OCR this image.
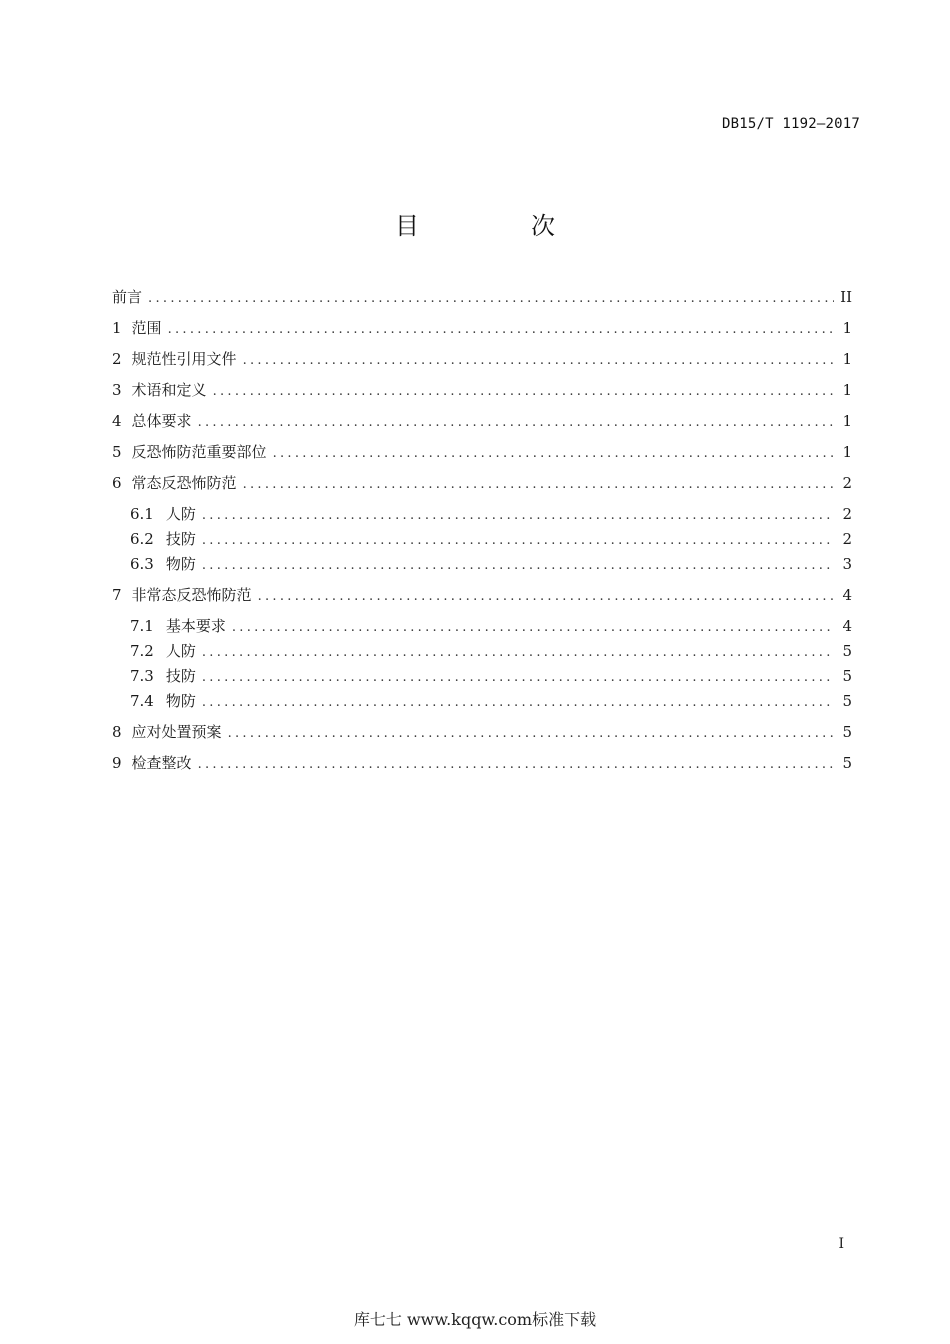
DB15/T 1192—2017
目　次
前言 .....	II
1 范围 .....	1
2 规范性引用文件 .....	1
3 术语和定义 .....	1
4 总体要求 .....	1
5 反恐怖防范重要部位 .....	1
6 常态反恐怖防范 .....	2
6.1 人防 .....	2
6.2 技防 .....	2
6.3 物防 .....	3
7 非常态反恐怖防范 .....	4
7.1 基本要求 .....	4
7.2 人防 .....	5
7.3 技防 .....	5
7.4 物防 .....	5
8 应对处置预案 .....	5
9 检查整改 .....	5
I
库七七 www.kqqw.com标准下载
